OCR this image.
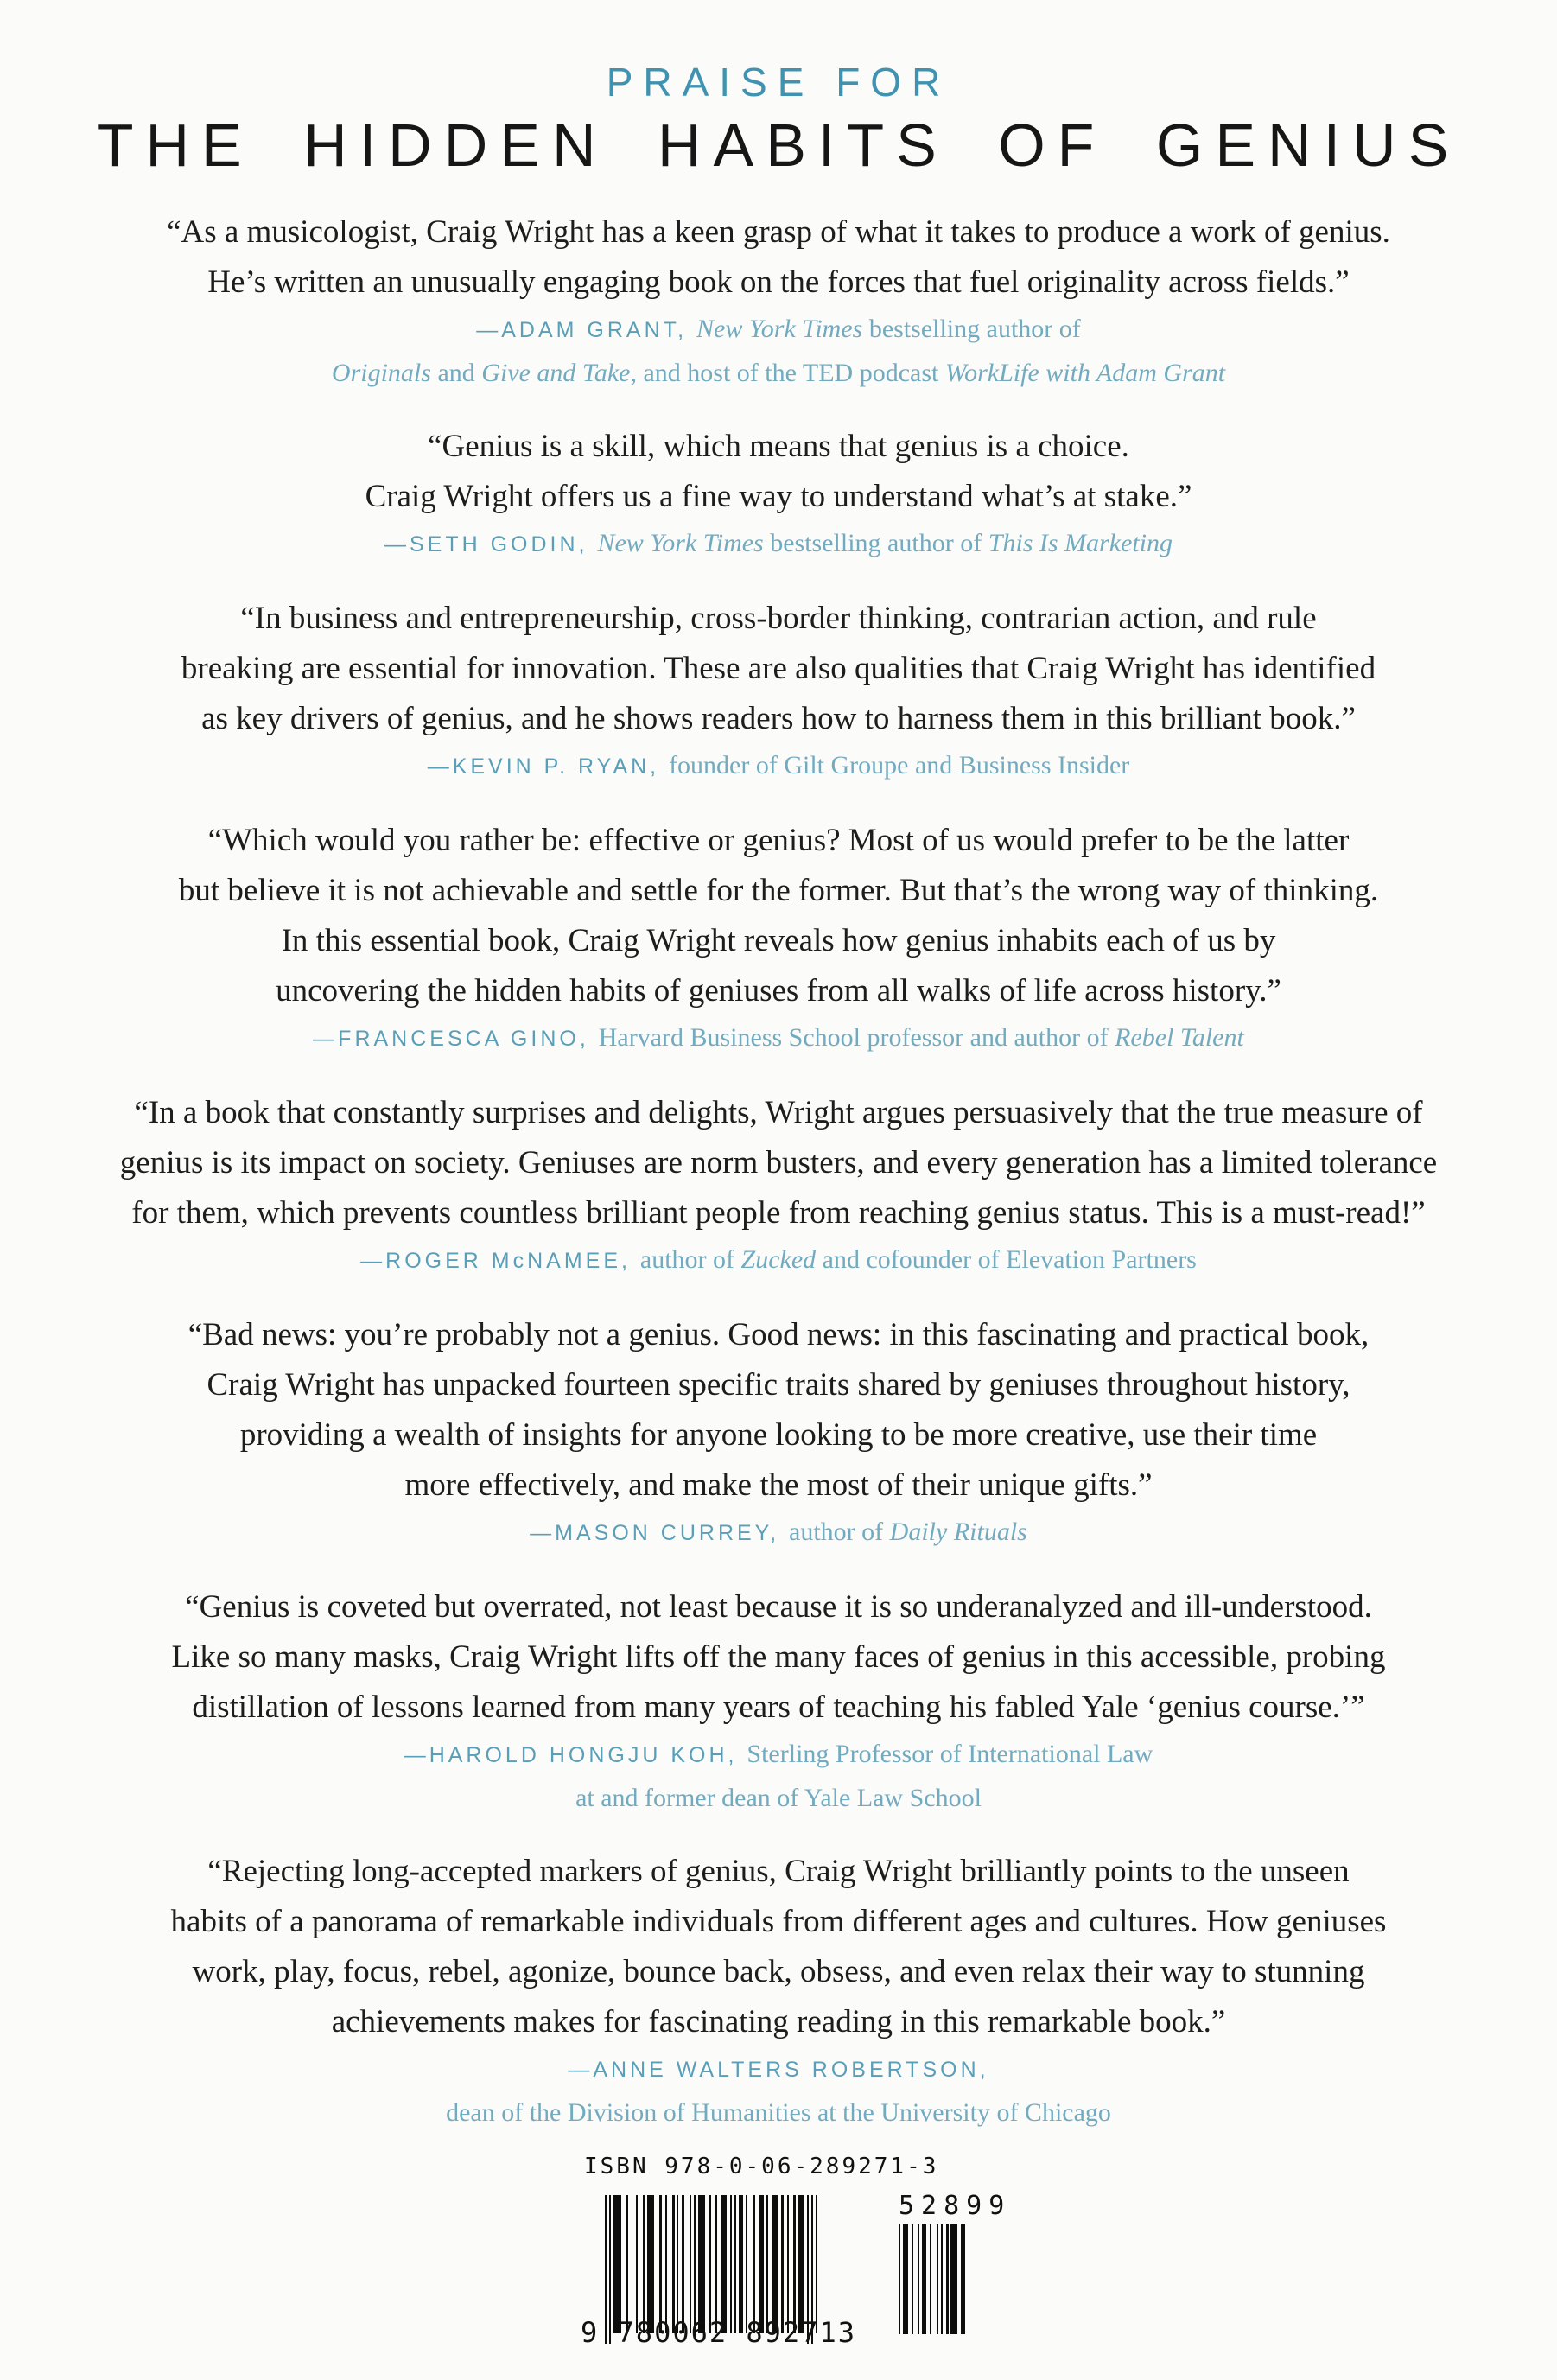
PRAISE FOR
THE HIDDEN HABITS OF GENIUS
“As a musicologist, Craig Wright has a keen grasp of what it takes to produce a work of genius.
He’s written an unusually engaging book on the forces that fuel originality across fields.”
—ADAM GRANT, New York Times bestselling author of
Originals and Give and Take, and host of the TED podcast WorkLife with Adam Grant
“Genius is a skill, which means that genius is a choice.
Craig Wright offers us a fine way to understand what’s at stake.”
—SETH GODIN, New York Times bestselling author of This Is Marketing
“In business and entrepreneurship, cross-border thinking, contrarian action, and rule
breaking are essential for innovation. These are also qualities that Craig Wright has identified
as key drivers of genius, and he shows readers how to harness them in this brilliant book.”
—KEVIN P. RYAN, founder of Gilt Groupe and Business Insider
“Which would you rather be: effective or genius? Most of us would prefer to be the latter
but believe it is not achievable and settle for the former. But that’s the wrong way of thinking.
In this essential book, Craig Wright reveals how genius inhabits each of us by
uncovering the hidden habits of geniuses from all walks of life across history.”
—FRANCESCA GINO, Harvard Business School professor and author of Rebel Talent
“In a book that constantly surprises and delights, Wright argues persuasively that the true measure of
genius is its impact on society. Geniuses are norm busters, and every generation has a limited tolerance
for them, which prevents countless brilliant people from reaching genius status. This is a must-read!”
—ROGER McNAMEE, author of Zucked and cofounder of Elevation Partners
“Bad news: you’re probably not a genius. Good news: in this fascinating and practical book,
Craig Wright has unpacked fourteen specific traits shared by geniuses throughout history,
providing a wealth of insights for anyone looking to be more creative, use their time
more effectively, and make the most of their unique gifts.”
—MASON CURREY, author of Daily Rituals
“Genius is coveted but overrated, not least because it is so underanalyzed and ill-understood.
Like so many masks, Craig Wright lifts off the many faces of genius in this accessible, probing
distillation of lessons learned from many years of teaching his fabled Yale ‘genius course.’”
—HAROLD HONGJU KOH, Sterling Professor of International Law
at and former dean of Yale Law School
“Rejecting long-accepted markers of genius, Craig Wright brilliantly points to the unseen
habits of a panorama of remarkable individuals from different ages and cultures. How geniuses
work, play, focus, rebel, agonize, bounce back, obsess, and even relax their way to stunning
achievements makes for fascinating reading in this remarkable book.”
—ANNE WALTERS ROBERTSON,
dean of the Division of Humanities at the University of Chicago
ISBN 978-0-06-289271-3
9 780062 892713
52899
